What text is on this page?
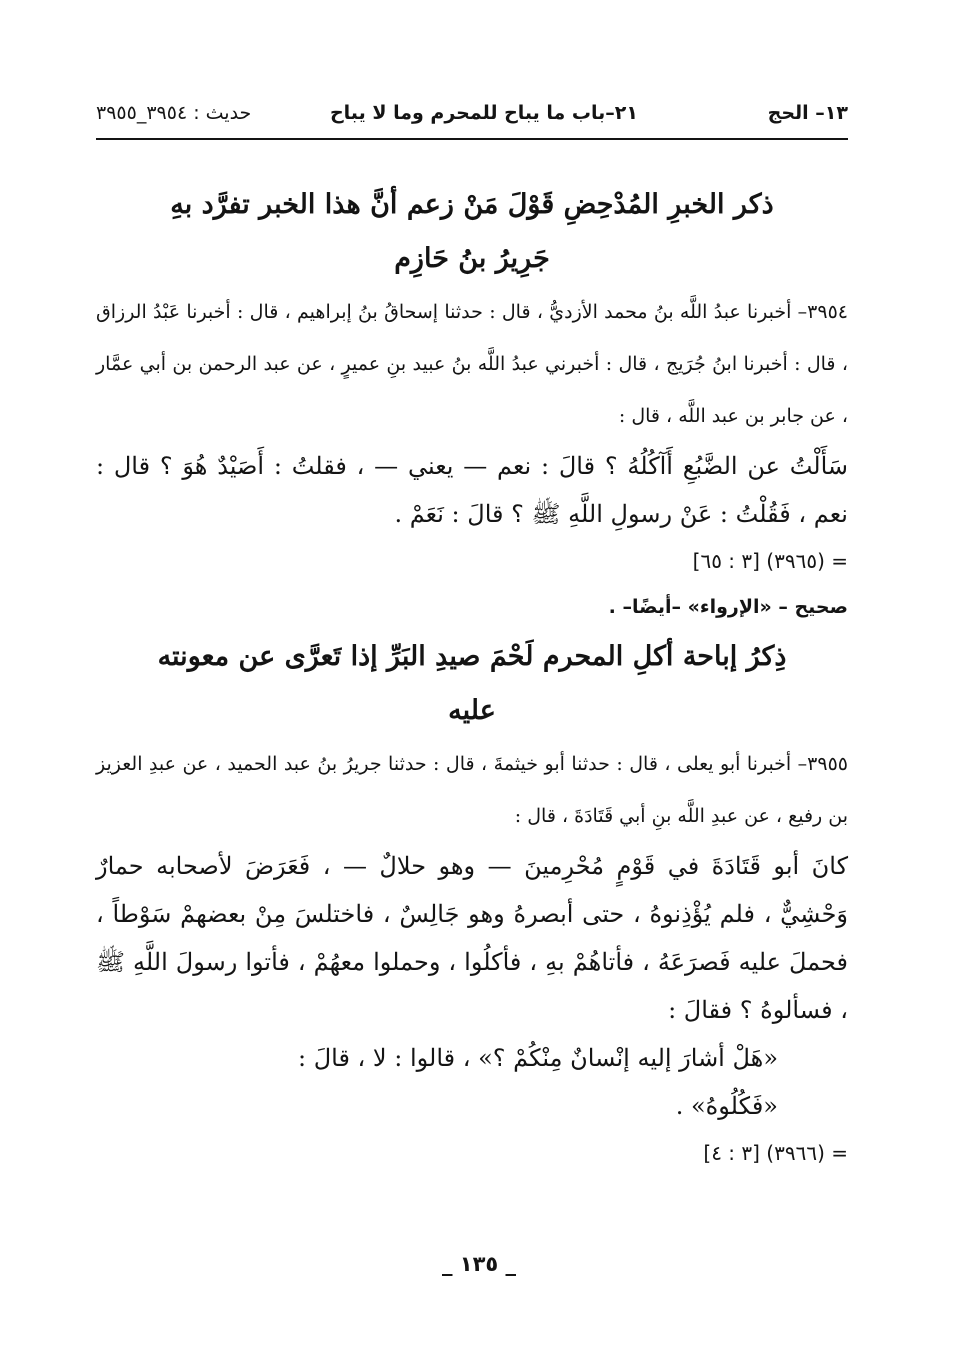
١٣– الحج
٢١–باب ما يباح للمحرم وما لا يباح
حديث : ٣٩٥٤_٣٩٥٥

ذكر الخبرِ المُدْحِضِ قَوْلَ مَنْ زعم أنَّ هذا الخبر تفرَّد بهِ

جَرِيرُ بنُ حَازِم

٣٩٥٤– أخبرنا عبدُ اللَّه بنُ محمد الأزديُّ ، قال : حدثنا إسحاقُ بنُ إبراهيم ، قال : أخبرنا عَبْدُ الرزاق ، قال : أخبرنا ابنُ جُرَيج ، قال : أخبرني عبدُ اللَّه بنُ عبيد بنِ عميرٍ ، عن عبد الرحمن بن أبي عمَّار ، عن جابر بن عبد اللَّه ، قال :

سَأَلْتُ عن الضَّبُعِ أَآكُلُهُ ؟ قالَ : نعم — يعني — ، فقلتُ : أَصَيْدٌ هُوَ ؟ قال : نعم ، فَقُلْتُ : عَنْ رسولِ اللَّهِ ﷺ ؟ قالَ : نَعَمْ .

= (٣٩٦٥) [٣ : ٦٥]

صحيح – «الإرواء» –أيضًا– .

ذِكرُ إباحة أكلِ المحرم لَحْمَ صيدِ البَرِّ إذا تَعرَّى عن معونته

عليه

٣٩٥٥– أخبرنا أبو يعلى ، قال : حدثنا أبو خيثمةَ ، قال : حدثنا جريرُ بنُ عبد الحميد ، عن عبدِ العزيز بن رفيع ، عن عبدِ اللَّه بنِ أبي قَتَادَةَ ، قال :

كانَ أبو قَتَادَةَ في قَوْمٍ مُحْرِمينَ — وهو حلالٌ — ، فَعَرَضَ لأصحابه حمارٌ وَحْشِيٌّ ، فلم يُؤْذِنوهُ ، حتى أبصرهُ وهو جَالِسٌ ، فاختلسَ مِنْ بعضهمْ سَوْطاً ، فحملَ عليه فَصرَعَهُ ، فأتاهُمْ بهِ ، فأكلُوا ، وحملوا معهُمْ ، فأتوا رسولَ اللَّهِ ﷺ ، فسألوهُ ؟ فقالَ :

«هَلْ أشارَ إليه إنْسانٌ مِنْكُمْ ؟» ، قالوا : لا ، قالَ :

«فَكُلُوهُ» .

= (٣٩٦٦) [٣ : ٤]

_ ١٣٥ _
